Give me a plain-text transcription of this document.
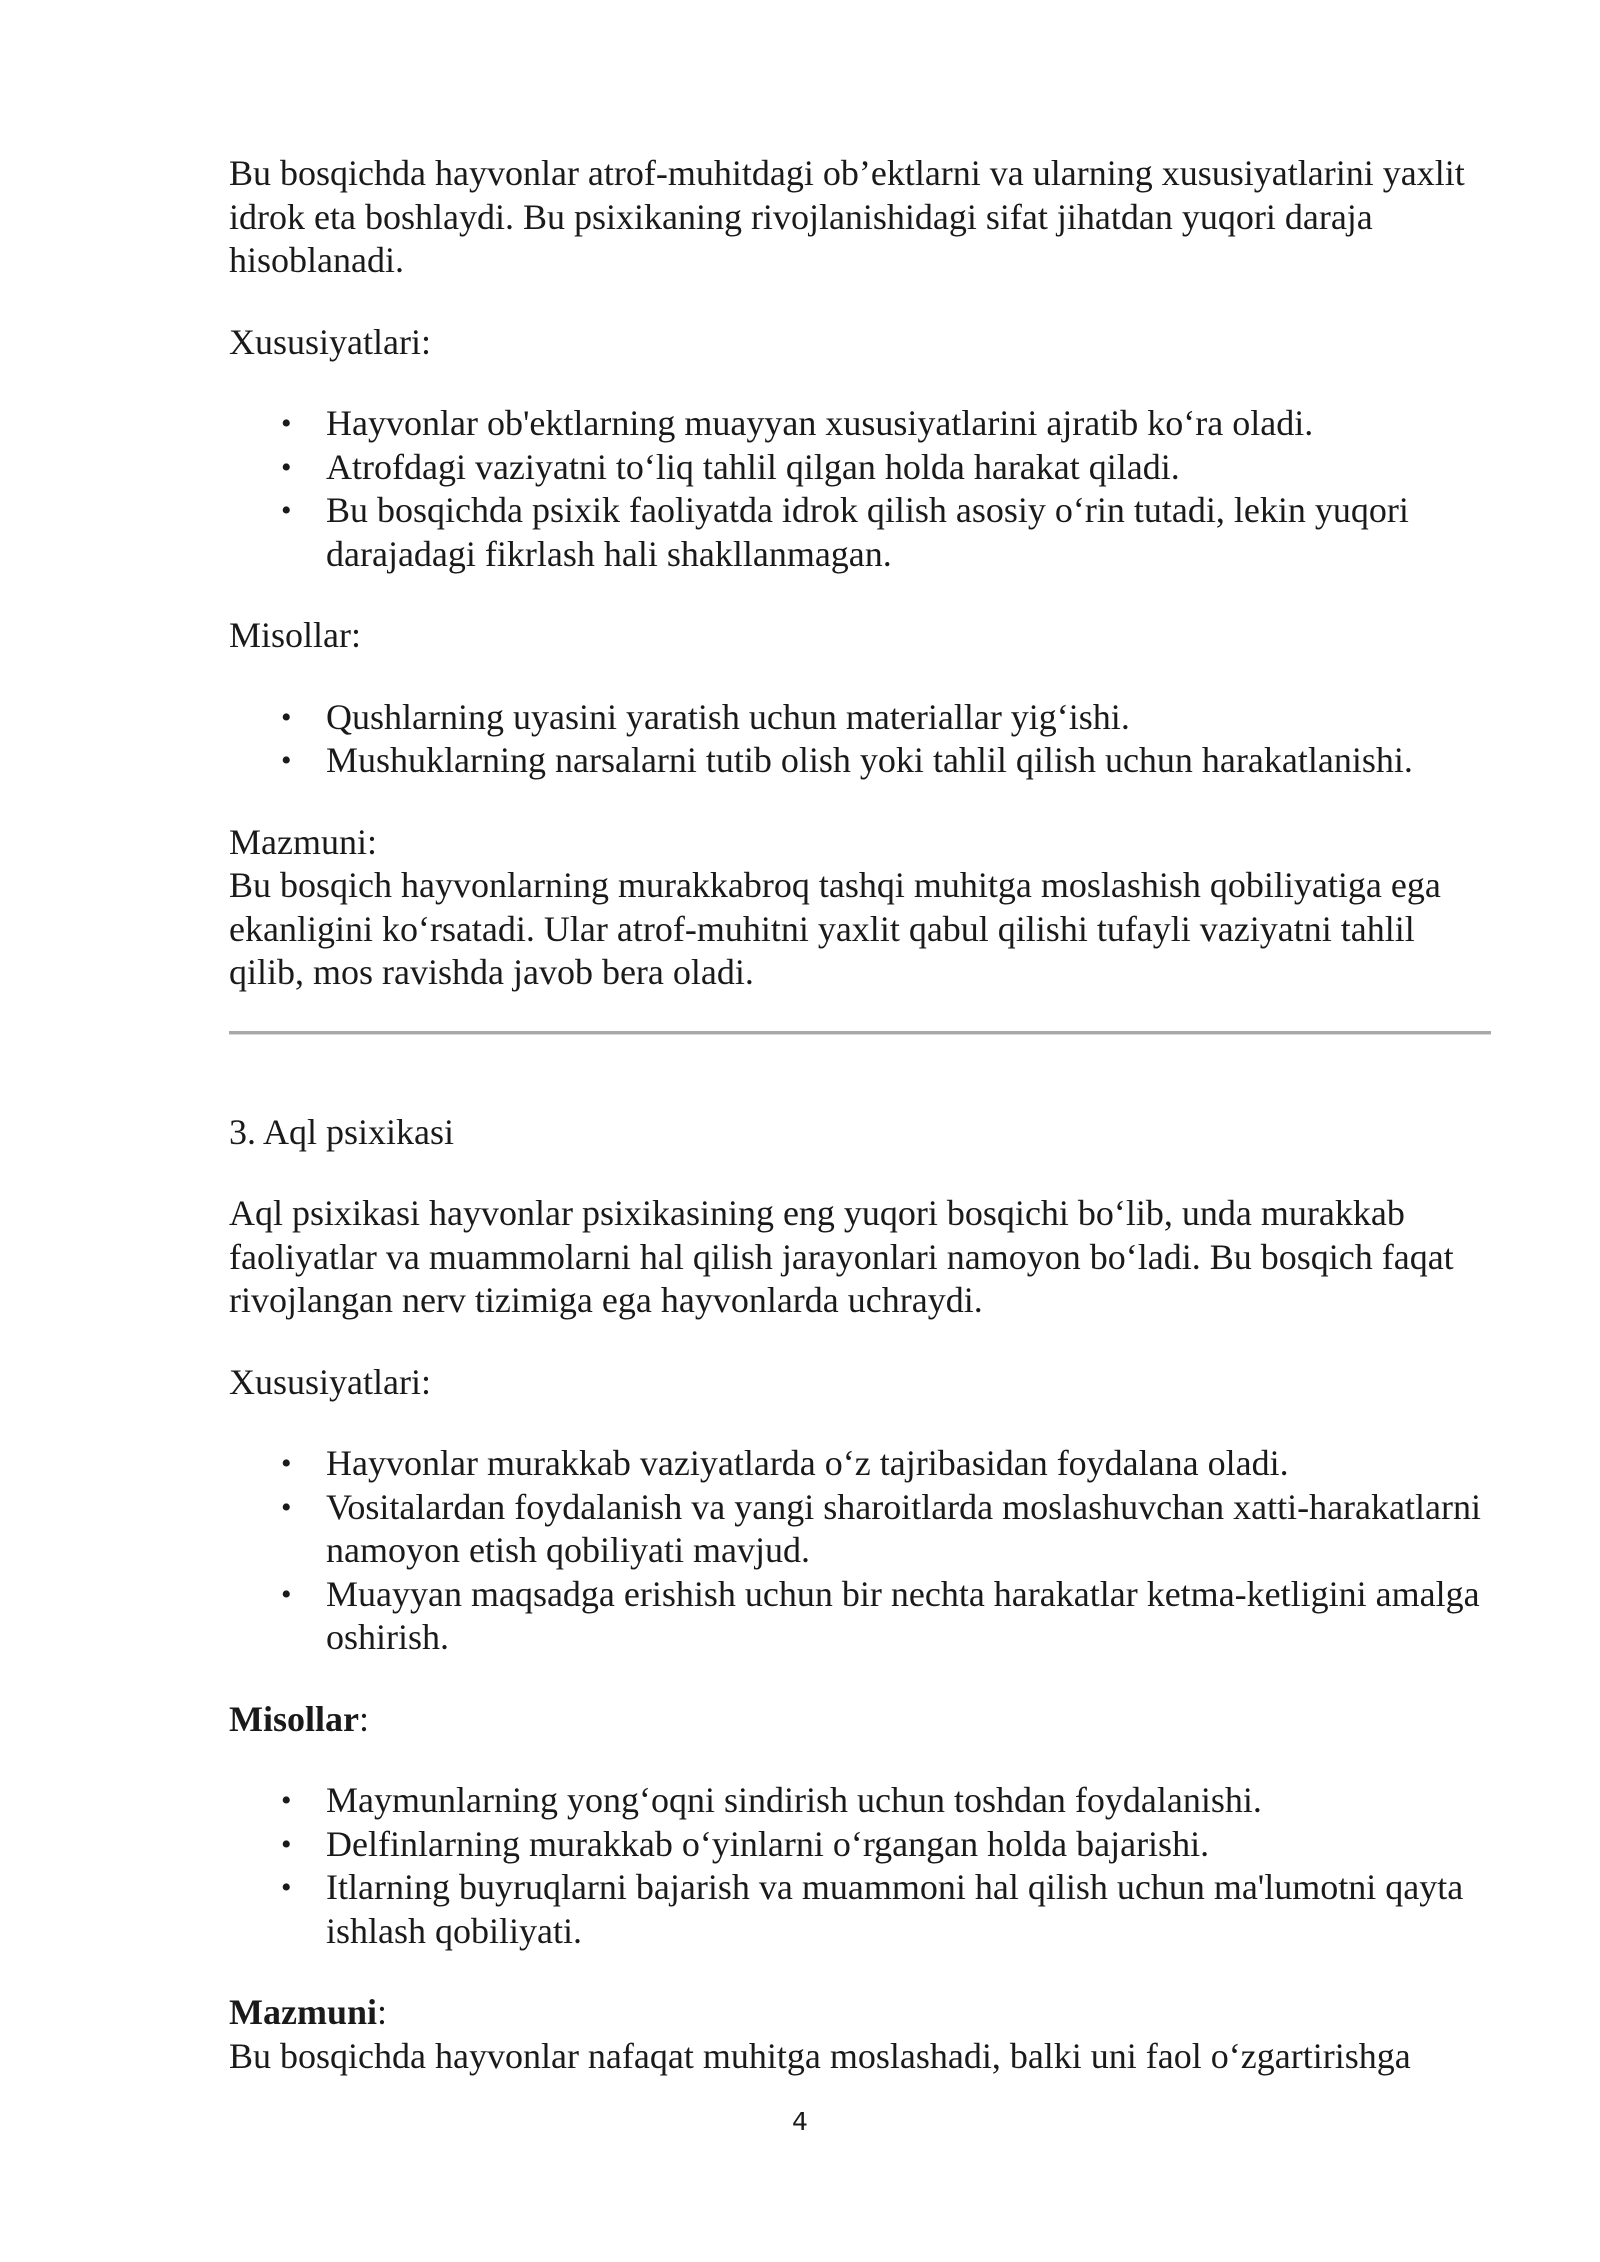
Bu bosqichda hayvonlar atrof-muhitdagi ob’ektlarni va ularning xususiyatlarini yaxlit idrok eta boshlaydi. Bu psixikaning rivojlanishidagi sifat jihatdan yuqori daraja hisoblanadi.

Xususiyatlari:

• Hayvonlar ob'ektlarning muayyan xususiyatlarini ajratib ko‘ra oladi.
• Atrofdagi vaziyatni to‘liq tahlil qilgan holda harakat qiladi.
• Bu bosqichda psixik faoliyatda idrok qilish asosiy o‘rin tutadi, lekin yuqori darajadagi fikrlash hali shakllanmagan.

Misollar:

• Qushlarning uyasini yaratish uchun materiallar yig‘ishi.
• Mushuklarning narsalarni tutib olish yoki tahlil qilish uchun harakatlanishi.

Mazmuni:

Bu bosqich hayvonlarning murakkabroq tashqi muhitga moslashish qobiliyatiga ega ekanligini ko‘rsatadi. Ular atrof-muhitni yaxlit qabul qilishi tufayli vaziyatni tahlil qilib, mos ravishda javob bera oladi.

3. Aql psixikasi

Aql psixikasi hayvonlar psixikasining eng yuqori bosqichi bo‘lib, unda murakkab faoliyatlar va muammolarni hal qilish jarayonlari namoyon bo‘ladi. Bu bosqich faqat rivojlangan nerv tizimiga ega hayvonlarda uchraydi.

Xususiyatlari:

• Hayvonlar murakkab vaziyatlarda o‘z tajribasidan foydalana oladi.
• Vositalardan foydalanish va yangi sharoitlarda moslashuvchan xatti-harakatlarni namoyon etish qobiliyati mavjud.
• Muayyan maqsadga erishish uchun bir nechta harakatlar ketma-ketligini amalga oshirish.

Misollar:

• Maymunlarning yong‘oqni sindirish uchun toshdan foydalanishi.
• Delfinlarning murakkab o‘yinlarni o‘rgangan holda bajarishi.
• Itlarning buyruqlarni bajarish va muammoni hal qilish uchun ma'lumotni qayta ishlash qobiliyati.

Mazmuni:

Bu bosqichda hayvonlar nafaqat muhitga moslashadi, balki uni faol o‘zgartirishga

4
